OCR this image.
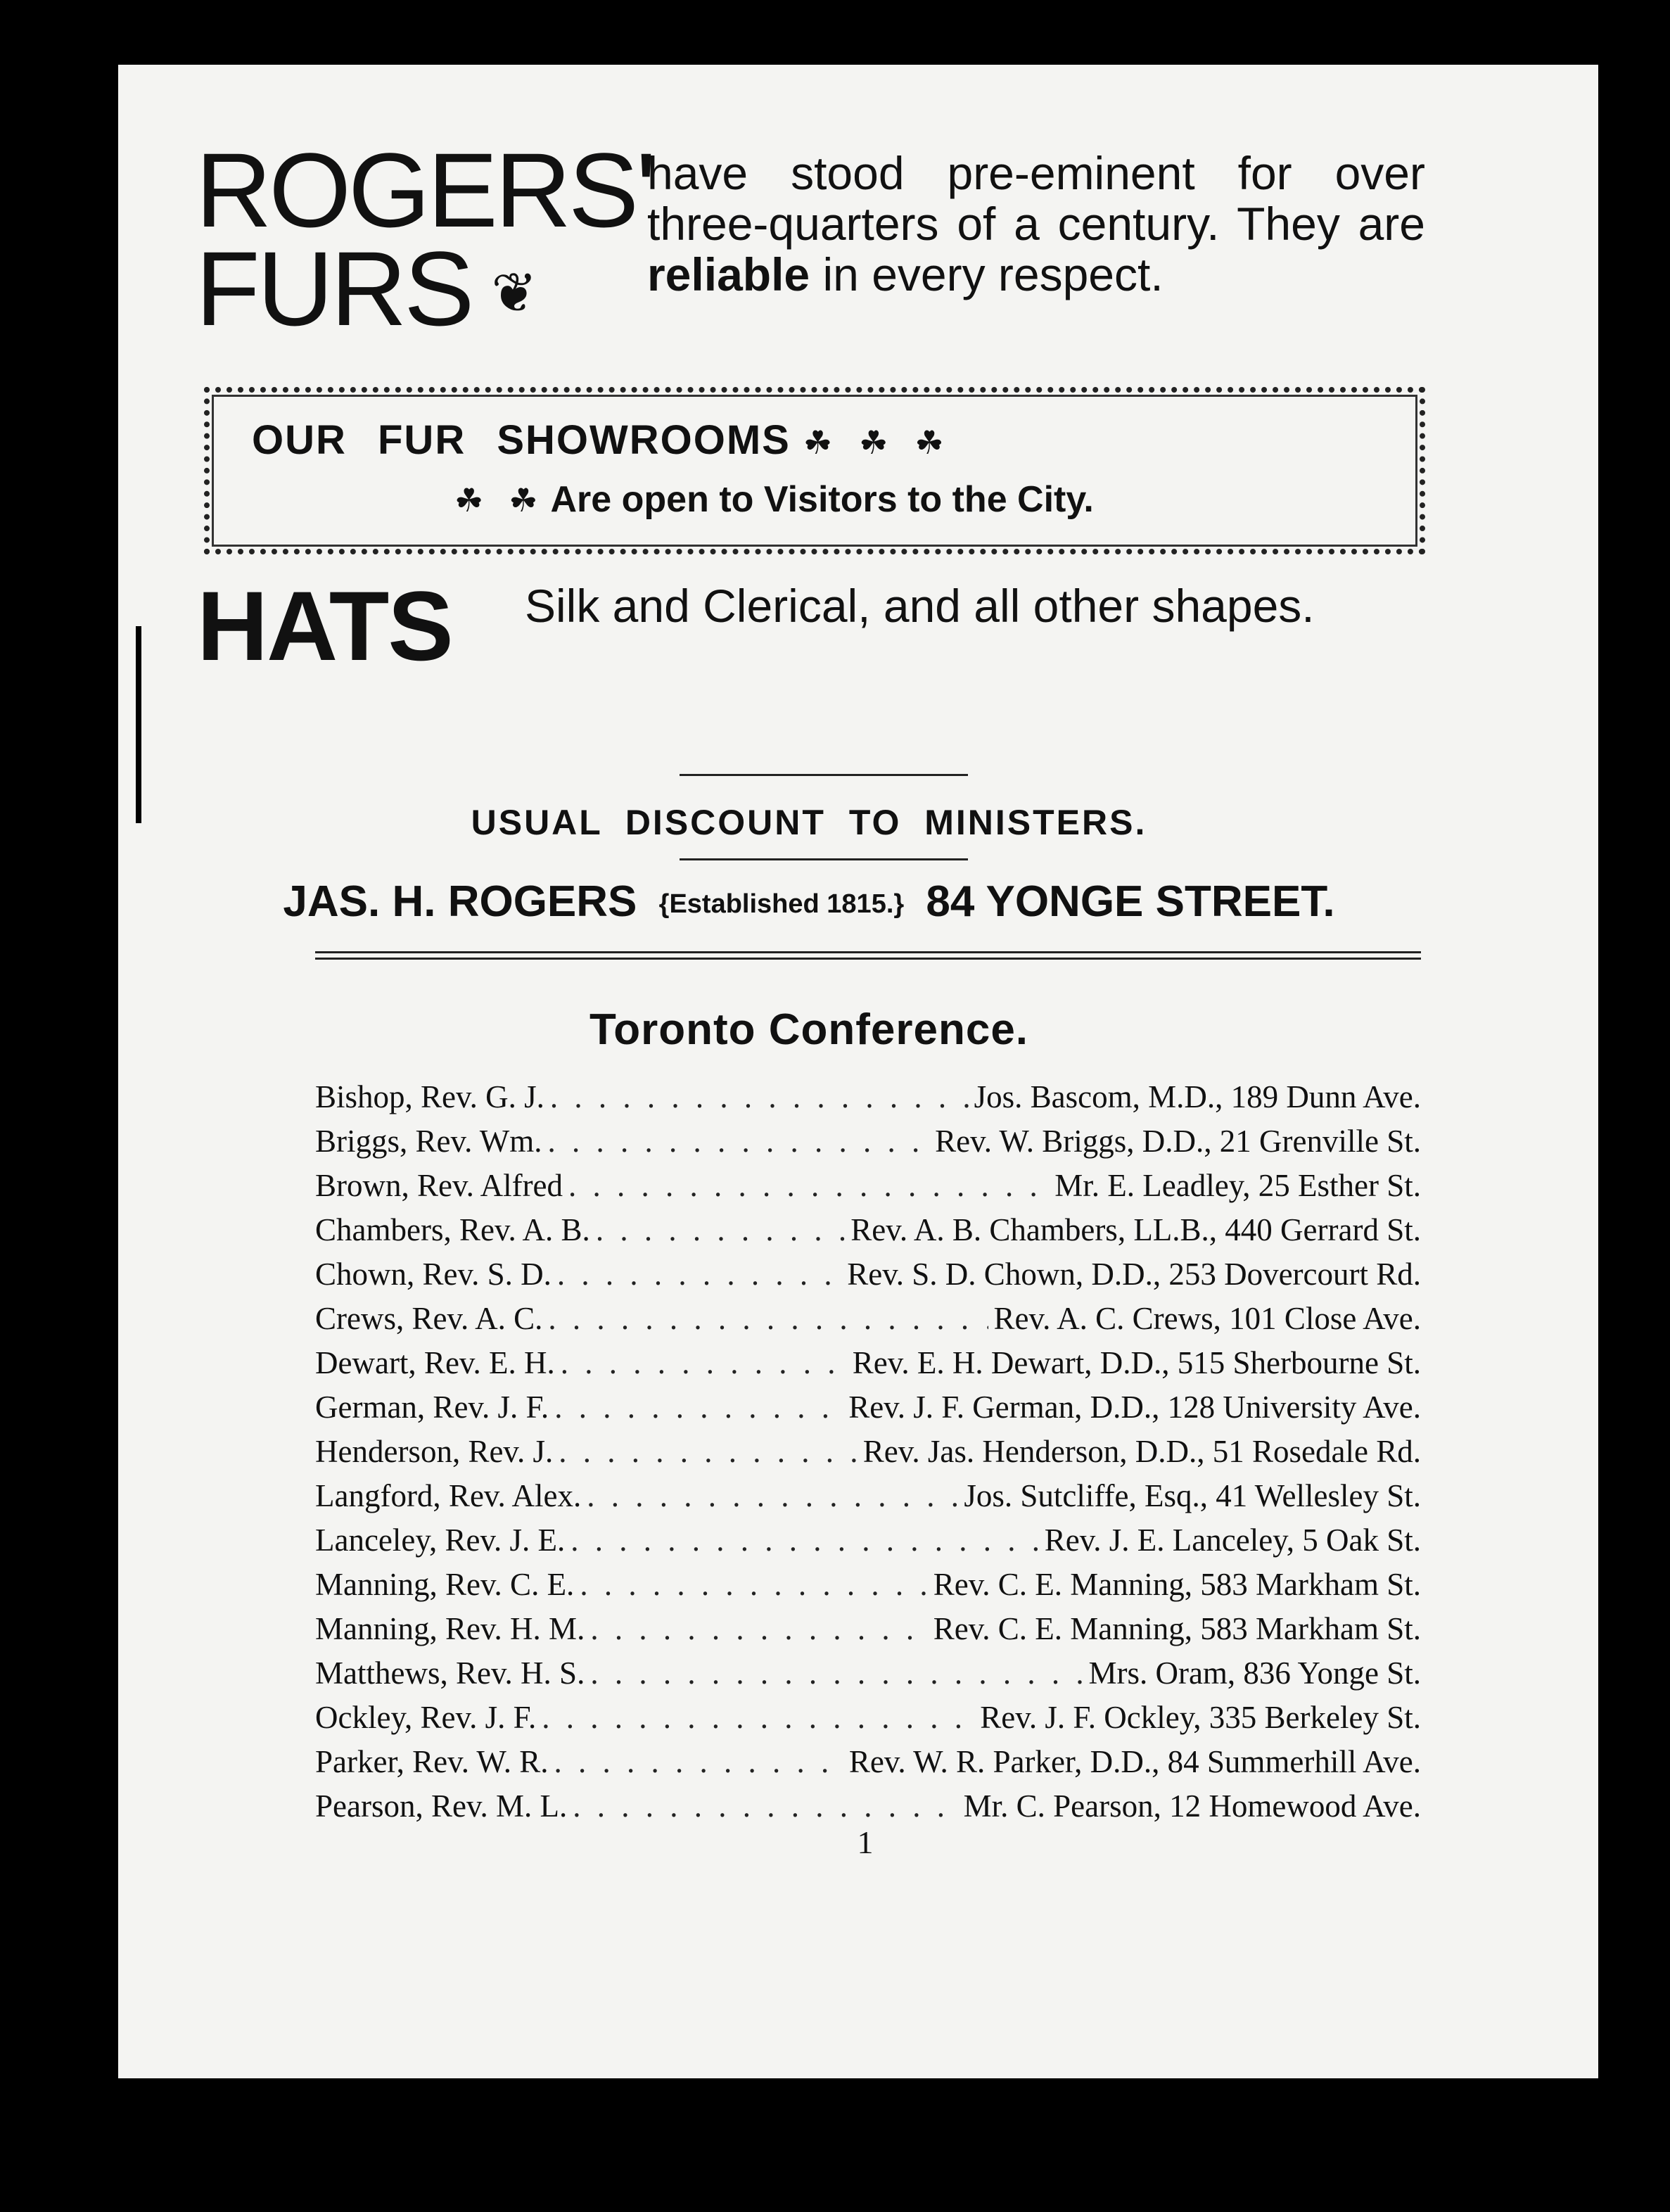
ROGERS'
FURS ❦
have stood pre-eminent for over three-quarters of a century. They are reliable in every respect.
OUR FUR SHOWROOMS ☘ ☘ ☘
☘ ☘ Are open to Visitors to the City.
HATS Silk and Clerical, and all other shapes.
USUAL DISCOUNT TO MINISTERS.
JAS. H. ROGERS {Established 1815.} 84 YONGE STREET.
Toronto Conference.
Bishop, Rev. G. J. . . .	Jos. Bascom, M.D., 189 Dunn Ave.
Briggs, Rev. Wm. . . .	Rev. W. Briggs, D.D., 21 Grenville St.
Brown, Rev. Alfred . . .	Mr. E. Leadley, 25 Esther St.
Chambers, Rev. A. B. . . .	Rev. A. B. Chambers, LL.B., 440 Gerrard St.
Chown, Rev. S. D. . . .	Rev. S. D. Chown, D.D., 253 Dovercourt Rd.
Crews, Rev. A. C. . . .	Rev. A. C. Crews, 101 Close Ave.
Dewart, Rev. E. H. . . .	Rev. E. H. Dewart, D.D., 515 Sherbourne St.
German, Rev. J. F. . . .	Rev. J. F. German, D.D., 128 University Ave.
Henderson, Rev. J. . . .	Rev. Jas. Henderson, D.D., 51 Rosedale Rd.
Langford, Rev. Alex. . . .	Jos. Sutcliffe, Esq., 41 Wellesley St.
Lanceley, Rev. J. E. . . .	Rev. J. E. Lanceley, 5 Oak St.
Manning, Rev. C. E. . . .	Rev. C. E. Manning, 583 Markham St.
Manning, Rev. H. M. . . .	Rev. C. E. Manning, 583 Markham St.
Matthews, Rev. H. S. . . .	Mrs. Oram, 836 Yonge St.
Ockley, Rev. J. F. . . .	Rev. J. F. Ockley, 335 Berkeley St.
Parker, Rev. W. R. . . .	Rev. W. R. Parker, D.D., 84 Summerhill Ave.
Pearson, Rev. M. L. . . .	Mr. C. Pearson, 12 Homewood Ave.
1
